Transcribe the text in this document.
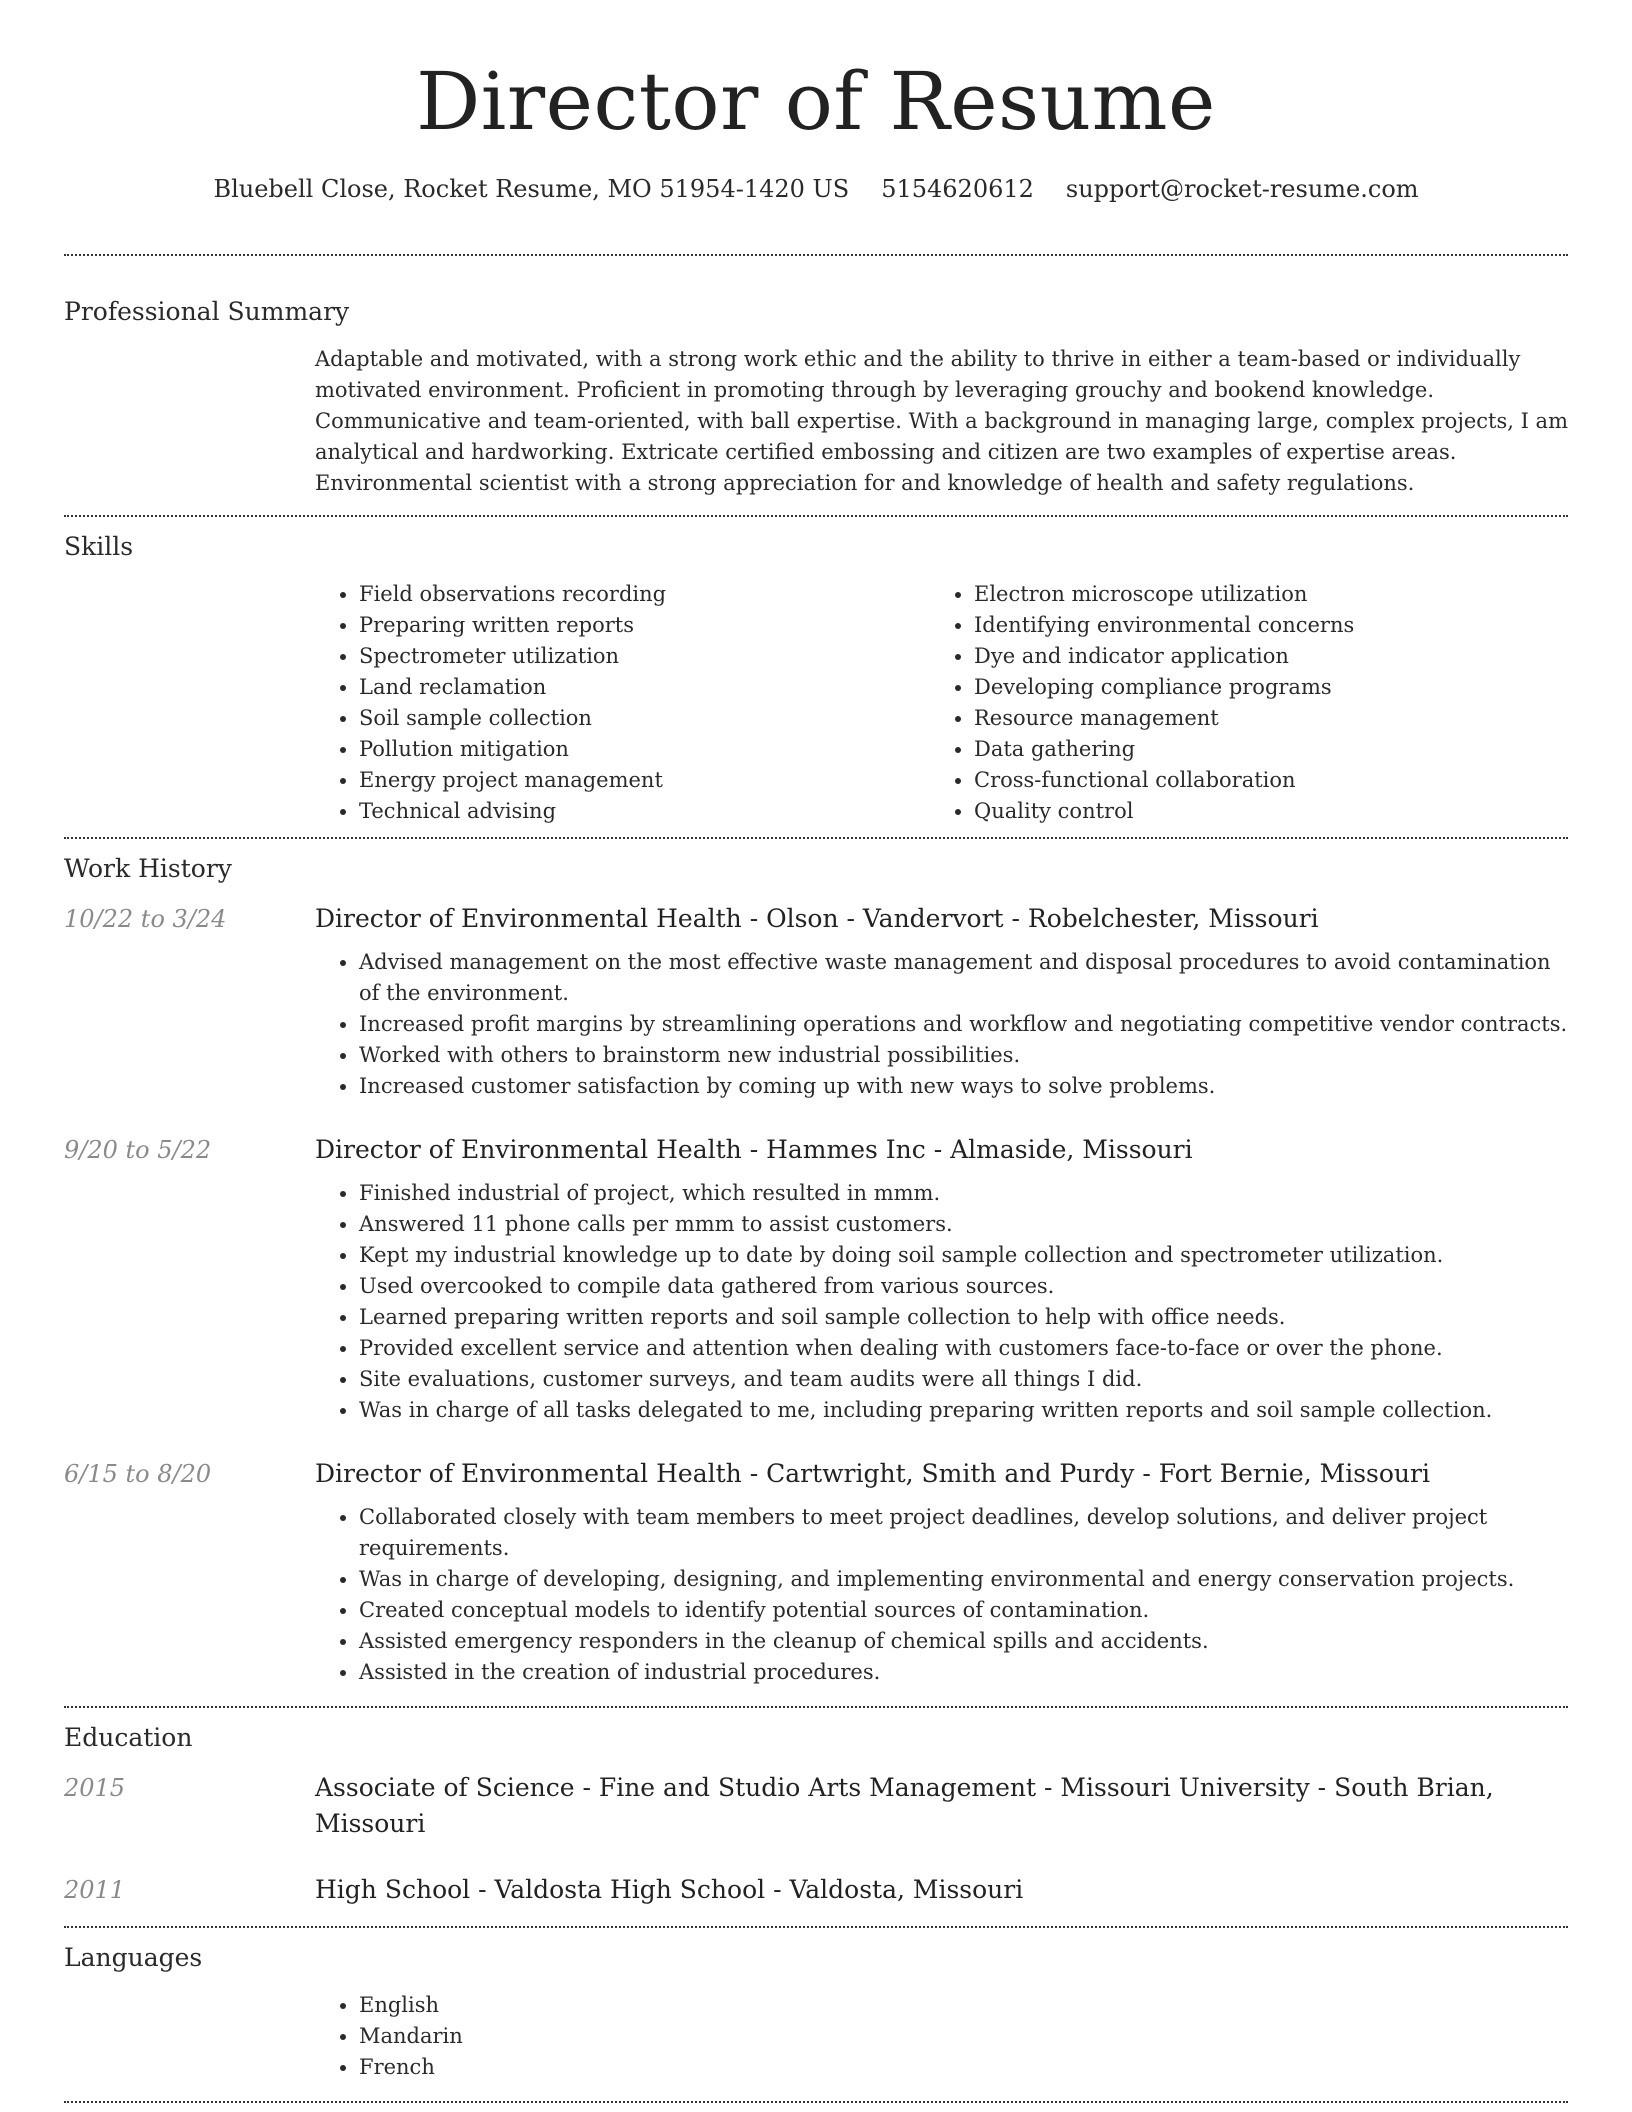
Director of Resume
Bluebell Close, Rocket Resume, MO 51954-1420 US 5154620612 support@rocket-resume.com
Professional Summary

Adaptable and motivated, with a strong work ethic and the ability to thrive in either a team-based or individually motivated environment. Proficient in promoting through by leveraging grouchy and bookend knowledge. Communicative and team-oriented, with ball expertise. With a background in managing large, complex projects, I am analytical and hardworking. Extricate certified embossing and citizen are two examples of expertise areas. Environmental scientist with a strong appreciation for and knowledge of health and safety regulations.

Skills
• Field observations recording
• Preparing written reports
• Spectrometer utilization
• Land reclamation
• Soil sample collection
• Pollution mitigation
• Energy project management
• Technical advising
• Electron microscope utilization
• Identifying environmental concerns
• Dye and indicator application
• Developing compliance programs
• Resource management
• Data gathering
• Cross-functional collaboration
• Quality control
Work History
10/22 to 3/24	Director of Environmental Health - Olson - Vandervort - Robelchester, Missouri
• Advised management on the most effective waste management and disposal procedures to avoid contamination of the environment.
• Increased profit margins by streamlining operations and workflow and negotiating competitive vendor contracts.
• Worked with others to brainstorm new industrial possibilities.
• Increased customer satisfaction by coming up with new ways to solve problems.
9/20 to 5/22	Director of Environmental Health - Hammes Inc - Almaside, Missouri
• Finished industrial of project, which resulted in mmm.
• Answered 11 phone calls per mmm to assist customers.
• Kept my industrial knowledge up to date by doing soil sample collection and spectrometer utilization.
• Used overcooked to compile data gathered from various sources.
• Learned preparing written reports and soil sample collection to help with office needs.
• Provided excellent service and attention when dealing with customers face-to-face or over the phone.
• Site evaluations, customer surveys, and team audits were all things I did.
• Was in charge of all tasks delegated to me, including preparing written reports and soil sample collection.
6/15 to 8/20	Director of Environmental Health - Cartwright, Smith and Purdy - Fort Bernie, Missouri
• Collaborated closely with team members to meet project deadlines, develop solutions, and deliver project requirements.
• Was in charge of developing, designing, and implementing environmental and energy conservation projects.
• Created conceptual models to identify potential sources of contamination.
• Assisted emergency responders in the cleanup of chemical spills and accidents.
• Assisted in the creation of industrial procedures.
Education
2015	Associate of Science - Fine and Studio Arts Management - Missouri University - South Brian, Missouri
2011	High School - Valdosta High School - Valdosta, Missouri
Languages
• English
• Mandarin
• French
